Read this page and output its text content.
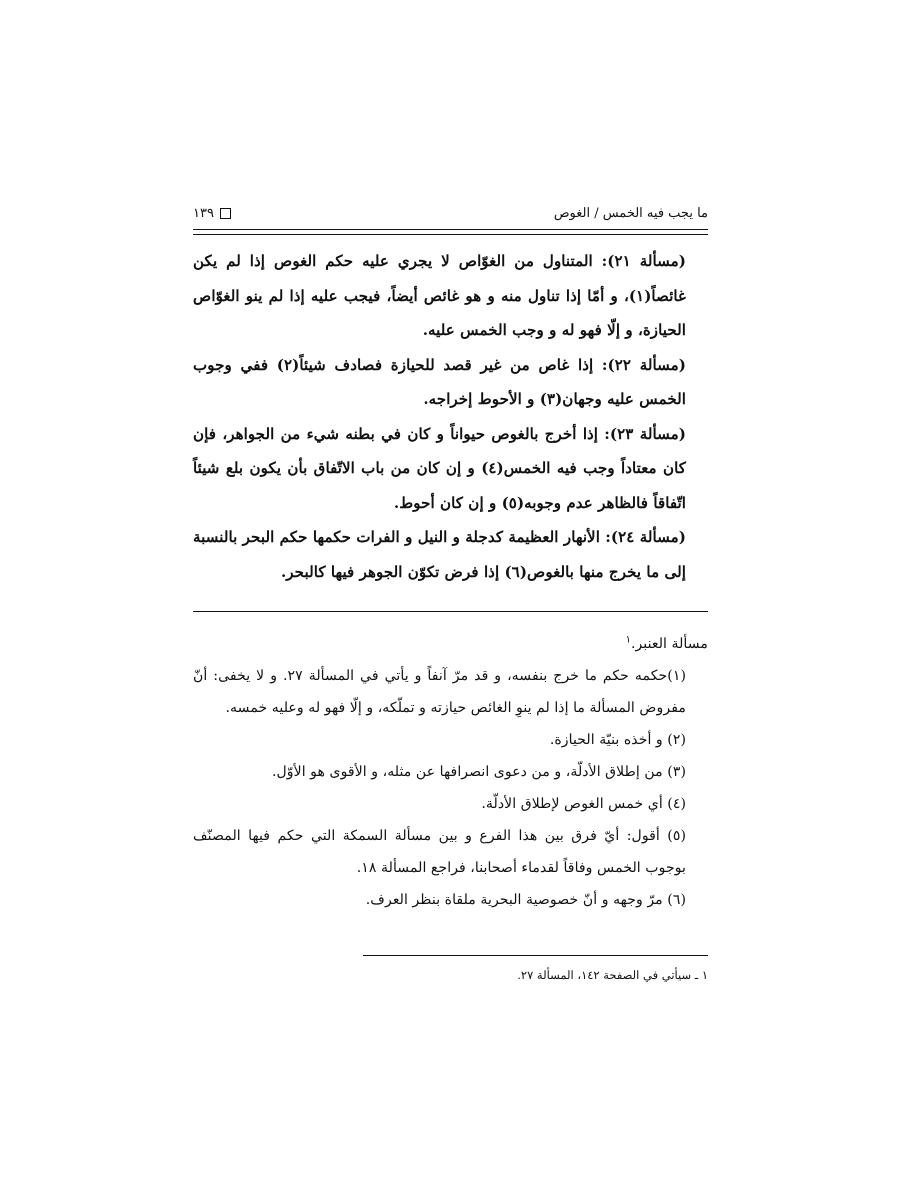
ما يجب فيه الخمس / الغوص
١٣٩

(مسألة ٢١): المتناول من الغوّاص لا يجري عليه حكم الغوص إذا لم يكن غائصاً(١)، و أمّا إذا تناول منه و هو غائص أيضاً، فيجب عليه إذا لم ينو الغوّاص الحيازة، و إلّا فهو له و وجب الخمس عليه.

(مسألة ٢٢): إذا غاص من غير قصد للحيازة فصادف شيئاً(٢) ففي وجوب الخمس عليه وجهان(٣) و الأحوط إخراجه.

(مسألة ٢٣): إذا أخرج بالغوص حيواناً و كان في بطنه شيء من الجواهر، فإن كان معتاداً وجب فيه الخمس(٤) و إن كان من باب الاتّفاق بأن يكون بلع شيئاً اتّفاقاً فالظاهر عدم وجوبه(٥) و إن كان أحوط.

(مسألة ٢٤): الأنهار العظيمة كدجلة و النيل و الفرات حكمها حكم البحر بالنسبة إلى ما يخرج منها بالغوص(٦) إذا فرض تكوّن الجوهر فيها كالبحر.

مسألة العنبر.$^١$

(١)حكمه حكم ما خرج بنفسه، و قد مرّ آنفاً و يأتي في المسألة ٢٧. و لا يخفى: أنّ مفروض المسألة ما إذا لم ينوِ الغائص حيازته و تملّكه، و إلّا فهو له وعليه خمسه.

(٢) و أخذه بنيّة الحيازة.

(٣) من إطلاق الأدلّة، و من دعوى انصرافها عن مثله، و الأقوى هو الأوّل.

(٤) أي خمس الغوص لإطلاق الأدلّة.

(٥) أقول: أيّ فرق بين هذا الفرع و بين مسألة السمكة التي حكم فيها المصنّف بوجوب الخمس وفاقاً لقدماء أصحابنا، فراجع المسألة ١٨.

(٦) مرّ وجهه و أنّ خصوصية البحرية ملقاة بنظر العرف.

١ ـ سيأتي في الصفحة ١٤٢، المسألة ٢٧.
